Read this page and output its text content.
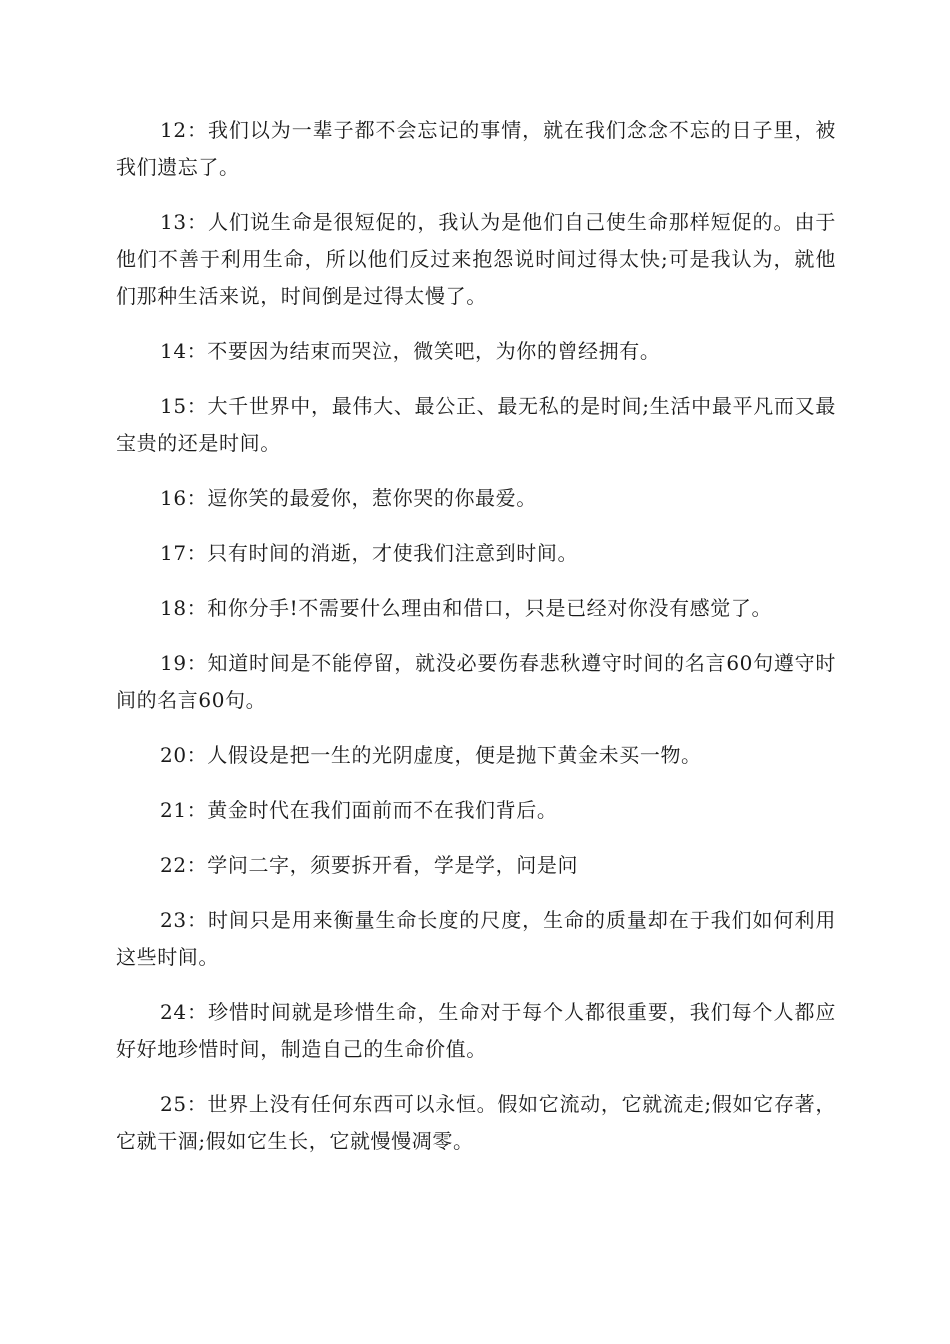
12：我们以为一辈子都不会忘记的事情，就在我们念念不忘的日子里，被我们遗忘了。

13：人们说生命是很短促的，我认为是他们自己使生命那样短促的。由于他们不善于利用生命，所以他们反过来抱怨说时间过得太快;可是我认为，就他们那种生活来说，时间倒是过得太慢了。

14：不要因为结束而哭泣，微笑吧，为你的曾经拥有。

15：大千世界中，最伟大、最公正、最无私的是时间;生活中最平凡而又最宝贵的还是时间。

16：逗你笑的最爱你，惹你哭的你最爱。

17：只有时间的消逝，才使我们注意到时间。

18：和你分手!不需要什么理由和借口，只是已经对你没有感觉了。

19：知道时间是不能停留，就没必要伤春悲秋遵守时间的名言60句遵守时间的名言60句。

20：人假设是把一生的光阴虚度，便是抛下黄金未买一物。

21：黄金时代在我们面前而不在我们背后。

22：学问二字，须要拆开看，学是学，问是问

23：时间只是用来衡量生命长度的尺度，生命的质量却在于我们如何利用这些时间。

24：珍惜时间就是珍惜生命，生命对于每个人都很重要，我们每个人都应好好地珍惜时间，制造自己的生命价值。

25：世界上没有任何东西可以永恒。假如它流动，它就流走;假如它存著，它就干涸;假如它生长，它就慢慢凋零。
